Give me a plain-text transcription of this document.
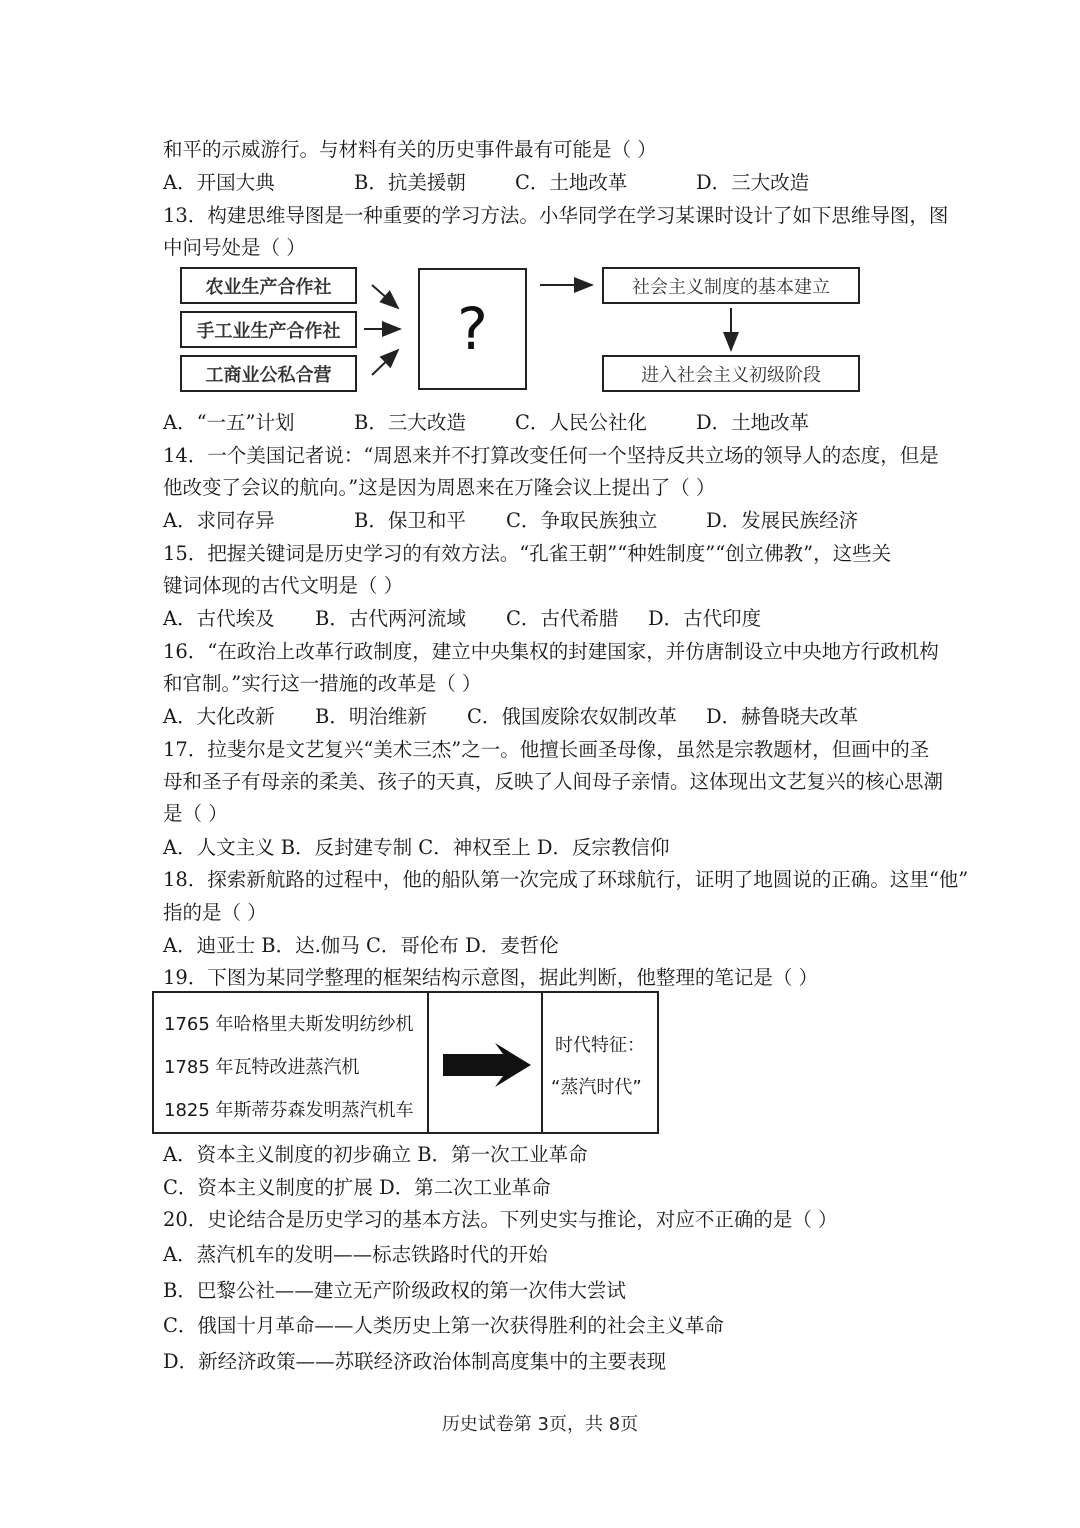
和平的示威游行。与材料有关的历史事件最有可能是（ ）
A．开国大典	B．抗美援朝	C．土地改革	D．三大改造
13．构建思维导图是一种重要的学习方法。小华同学在学习某课时设计了如下思维导图，图
中问号处是（ ）
农业生产合作社
手工业生产合作社
工商业公私合营
?
社会主义制度的基本建立
进入社会主义初级阶段
A．“一五”计划	B．三大改造	C．人民公社化	D．土地改革
14．一个美国记者说：“周恩来并不打算改变任何一个坚持反共立场的领导人的态度，但是
他改变了会议的航向。”这是因为周恩来在万隆会议上提出了（ ）
A．求同存异	B．保卫和平 C．争取民族独立 D．发展民族经济
15．把握关键词是历史学习的有效方法。“孔雀王朝”“种姓制度”“创立佛教”，这些关
键词体现的古代文明是（ ）
A．古代埃及 B．古代两河流域 C．古代希腊 D．古代印度
16．“在政治上改革行政制度，建立中央集权的封建国家，并仿唐制设立中央地方行政机构
和官制。”实行这一措施的改革是（ ）
A．大化改新 B．明治维新 C．俄国废除农奴制改革 D．赫鲁晓夫改革
17．拉斐尔是文艺复兴“美术三杰”之一。他擅长画圣母像，虽然是宗教题材，但画中的圣
母和圣子有母亲的柔美、孩子的天真，反映了人间母子亲情。这体现出文艺复兴的核心思潮
是（ ）
A．人文主义 B．反封建专制 C．神权至上 D．反宗教信仰
18．探索新航路的过程中，他的船队第一次完成了环球航行，证明了地圆说的正确。这里“他”
指的是（ ）
A．迪亚士 B．达.伽马 C．哥伦布 D．麦哲伦
19．下图为某同学整理的框架结构示意图，据此判断，他整理的笔记是（ ）
1765 年哈格里夫斯发明纺纱机
1785 年瓦特改进蒸汽机
1825 年斯蒂芬森发明蒸汽机车
时代特征：
“蒸汽时代”
A．资本主义制度的初步确立 B．第一次工业革命
C．资本主义制度的扩展 D．第二次工业革命
20．史论结合是历史学习的基本方法。下列史实与推论，对应不正确的是（ ）
A．蒸汽机车的发明——标志铁路时代的开始
B．巴黎公社——建立无产阶级政权的第一次伟大尝试
C．俄国十月革命——人类历史上第一次获得胜利的社会主义革命
D．新经济政策——苏联经济政治体制高度集中的主要表现
历史试卷第 3页，共 8页
